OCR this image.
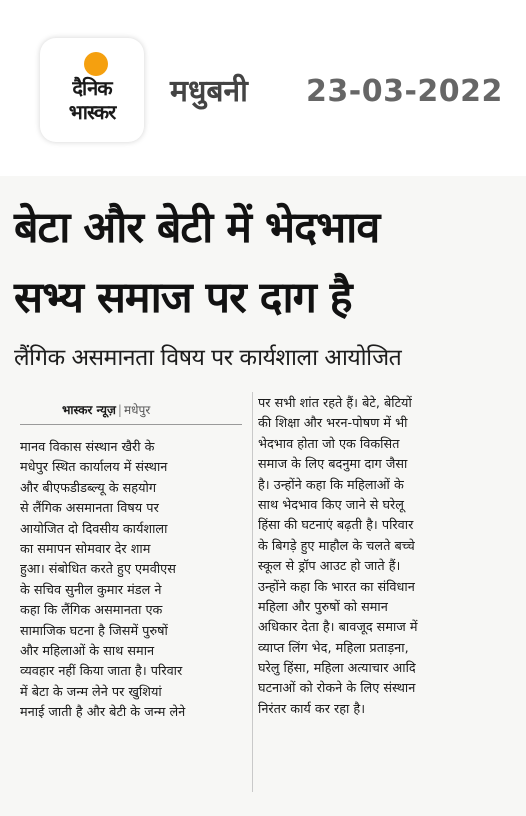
दैनिक
भास्कर
मधुबनी 23-03-2022
बेटा और बेटी में भेदभाव
सभ्य समाज पर दाग है
लैंगिक असमानता विषय पर कार्यशाला आयोजित
भास्कर न्यूज़ | मधेपुर
मानव विकास संस्थान खैरी के
मधेपुर स्थित कार्यालय में संस्थान
और बीएफडीडब्ल्यू के सहयोग
से लैंगिक असमानता विषय पर
आयोजित दो दिवसीय कार्यशाला
का समापन सोमवार देर शाम
हुआ। संबोधित करते हुए एमवीएस
के सचिव सुनील कुमार मंडल ने
कहा कि लैंगिक असमानता एक
सामाजिक घटना है जिसमें पुरुषों
और महिलाओं के साथ समान
व्यवहार नहीं किया जाता है। परिवार
में बेटा के जन्म लेने पर खुशियां
मनाई जाती है और बेटी के जन्म लेने
पर सभी शांत रहते हैं। बेटे, बेटियों
की शिक्षा और भरन-पोषण में भी
भेदभाव होता जो एक विकसित
समाज के लिए बदनुमा दाग जैसा
है। उन्होंने कहा कि महिलाओं के
साथ भेदभाव किए जाने से घरेलू
हिंसा की घटनाएं बढ़ती है। परिवार
के बिगड़े हुए माहौल के चलते बच्चे
स्कूल से ड्रॉप आउट हो जाते हैं।
उन्होंने कहा कि भारत का संविधान
महिला और पुरुषों को समान
अधिकार देता है। बावजूद समाज में
व्याप्त लिंग भेद, महिला प्रताड़ना,
घरेलु हिंसा, महिला अत्याचार आदि
घटनाओं को रोकने के लिए संस्थान
निरंतर कार्य कर रहा है।
